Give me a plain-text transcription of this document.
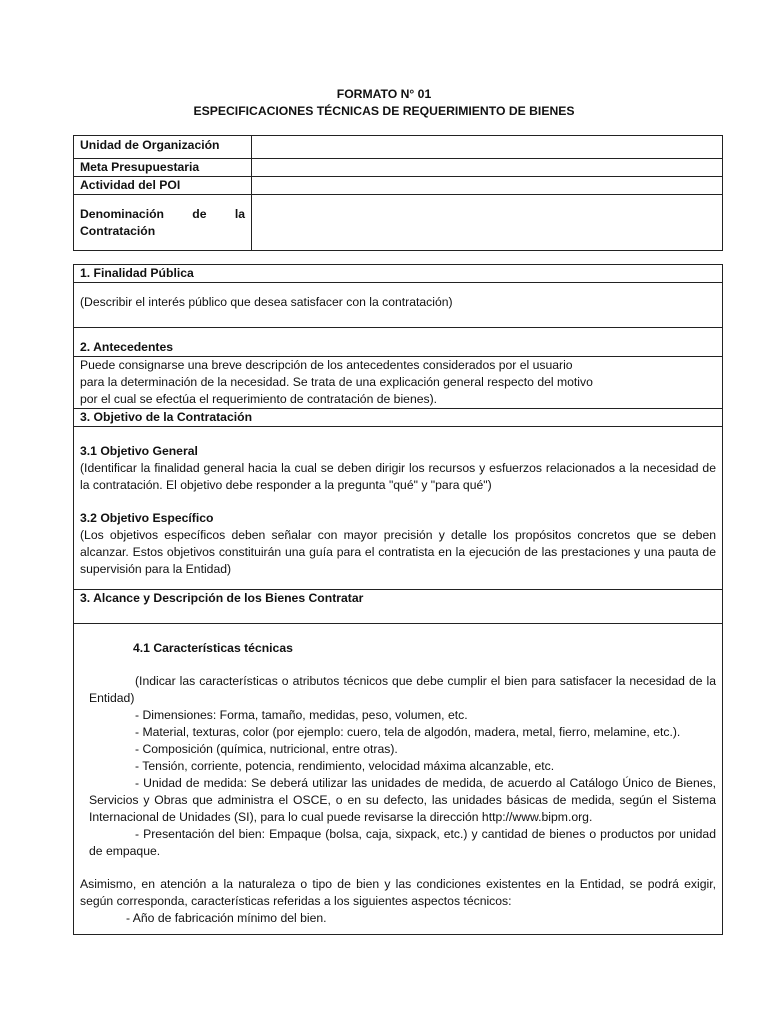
FORMATO N° 01
ESPECIFICACIONES TÉCNICAS DE REQUERIMIENTO DE BIENES
Unidad de Organización	
Meta Presupuestaria	
Actividad del POI	

Denominación de la
Contratación	

1. Finalidad Pública
(Describir el interés público que desea satisfacer con la contratación)
2. Antecedentes

Puede consignarse una breve descripción de los antecedentes considerados por el usuario

para la determinación de la necesidad. Se trata de una explicación general respecto del motivo

por el cual se efectúa el requerimiento de contratación de bienes).

3. Objetivo de la Contratación

3.1 Objetivo General

(Identificar la finalidad general hacia la cual se deben dirigir los recursos y esfuerzos relacionados a la necesidad de la contratación. El objetivo debe responder a la pregunta "qué" y "para qué")

3.2 Objetivo Específico

(Los objetivos específicos deben señalar con mayor precisión y detalle los propósitos concretos que se deben alcanzar. Estos objetivos constituirán una guía para el contratista en la ejecución de las prestaciones y una pauta de supervisión para la Entidad)

3. Alcance y Descripción de los Bienes Contratar

4.1 Características técnicas

(Indicar las características o atributos técnicos que debe cumplir el bien para satisfacer la necesidad de la Entidad)

- Dimensiones: Forma, tamaño, medidas, peso, volumen, etc.

- Material, texturas, color (por ejemplo: cuero, tela de algodón, madera, metal, fierro, melamine, etc.).

- Composición (química, nutricional, entre otras).

- Tensión, corriente, potencia, rendimiento, velocidad máxima alcanzable, etc.

- Unidad de medida: Se deberá utilizar las unidades de medida, de acuerdo al Catálogo Único de Bienes, Servicios y Obras que administra el OSCE, o en su defecto, las unidades básicas de medida, según el Sistema Internacional de Unidades (SI), para lo cual puede revisarse la dirección http://www.bipm.org.

- Presentación del bien: Empaque (bolsa, caja, sixpack, etc.) y cantidad de bienes o productos por unidad de empaque.

Asimismo, en atención a la naturaleza o tipo de bien y las condiciones existentes en la Entidad, se podrá exigir, según corresponda, características referidas a los siguientes aspectos técnicos:

- Año de fabricación mínimo del bien.
